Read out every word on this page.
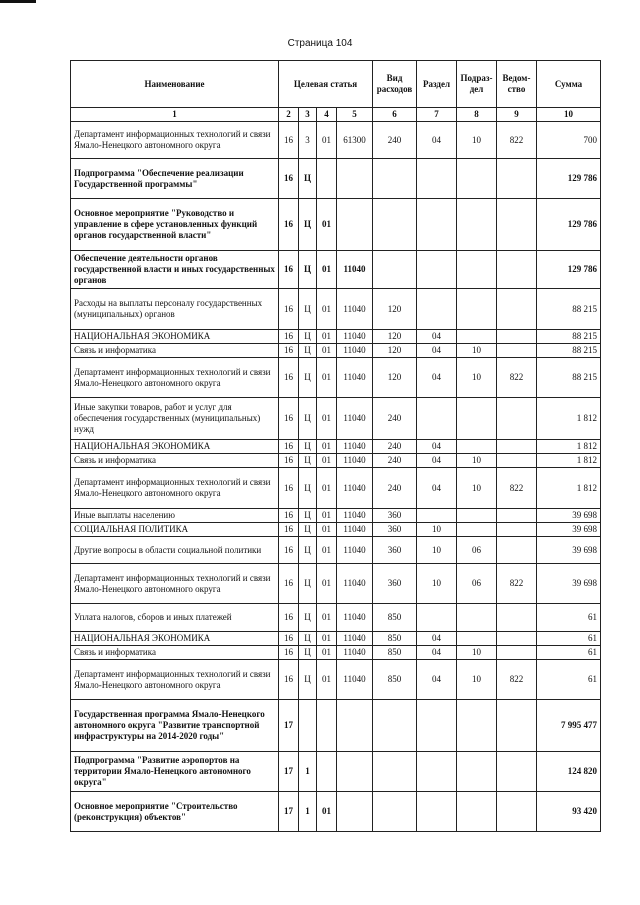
Страница 104
Наименование	Целевая статья				Вид расходов	Раздел	Подраз-дел	Ведом-ство	Сумма
1	2	3	4	5	6	7	8	9	10
Департамент информационных технологий и связи Ямало-Ненецкого автономного округа	16	3	01	61300	240	04	10	822	700
Подпрограмма "Обеспечение реализации Государственной программы"	16	Ц							129 786
Основное мероприятие "Руководство и управление в сфере установленных функций органов государственной власти"	16	Ц	01						129 786
Обеспечение деятельности органов государственной власти и иных государственных органов	16	Ц	01	11040					129 786
Расходы на выплаты персоналу государственных (муниципальных) органов	16	Ц	01	11040	120				88 215
НАЦИОНАЛЬНАЯ ЭКОНОМИКА	16	Ц	01	11040	120	04			88 215
Связь и информатика	16	Ц	01	11040	120	04	10		88 215
Департамент информационных технологий и связи Ямало-Ненецкого автономного округа	16	Ц	01	11040	120	04	10	822	88 215
Иные закупки товаров, работ и услуг для обеспечения государственных (муниципальных) нужд	16	Ц	01	11040	240				1 812
НАЦИОНАЛЬНАЯ ЭКОНОМИКА	16	Ц	01	11040	240	04			1 812
Связь и информатика	16	Ц	01	11040	240	04	10		1 812
Департамент информационных технологий и связи Ямало-Ненецкого автономного округа	16	Ц	01	11040	240	04	10	822	1 812
Иные выплаты населению	16	Ц	01	11040	360				39 698
СОЦИАЛЬНАЯ ПОЛИТИКА	16	Ц	01	11040	360	10			39 698
Другие вопросы в области социальной политики	16	Ц	01	11040	360	10	06		39 698
Департамент информационных технологий и связи Ямало-Ненецкого автономного округа	16	Ц	01	11040	360	10	06	822	39 698
Уплата налогов, сборов и иных платежей	16	Ц	01	11040	850				61
НАЦИОНАЛЬНАЯ ЭКОНОМИКА	16	Ц	01	11040	850	04			61
Связь и информатика	16	Ц	01	11040	850	04	10		61
Департамент информационных технологий и связи Ямало-Ненецкого автономного округа	16	Ц	01	11040	850	04	10	822	61
Государственная программа Ямало-Ненецкого автономного округа "Развитие транспортной инфраструктуры на 2014-2020 годы"	17								7 995 477
Подпрограмма "Развитие аэропортов на территории Ямало-Ненецкого автономного округа"	17	1							124 820
Основное мероприятие "Строительство (реконструкция) объектов"	17	1	01						93 420
